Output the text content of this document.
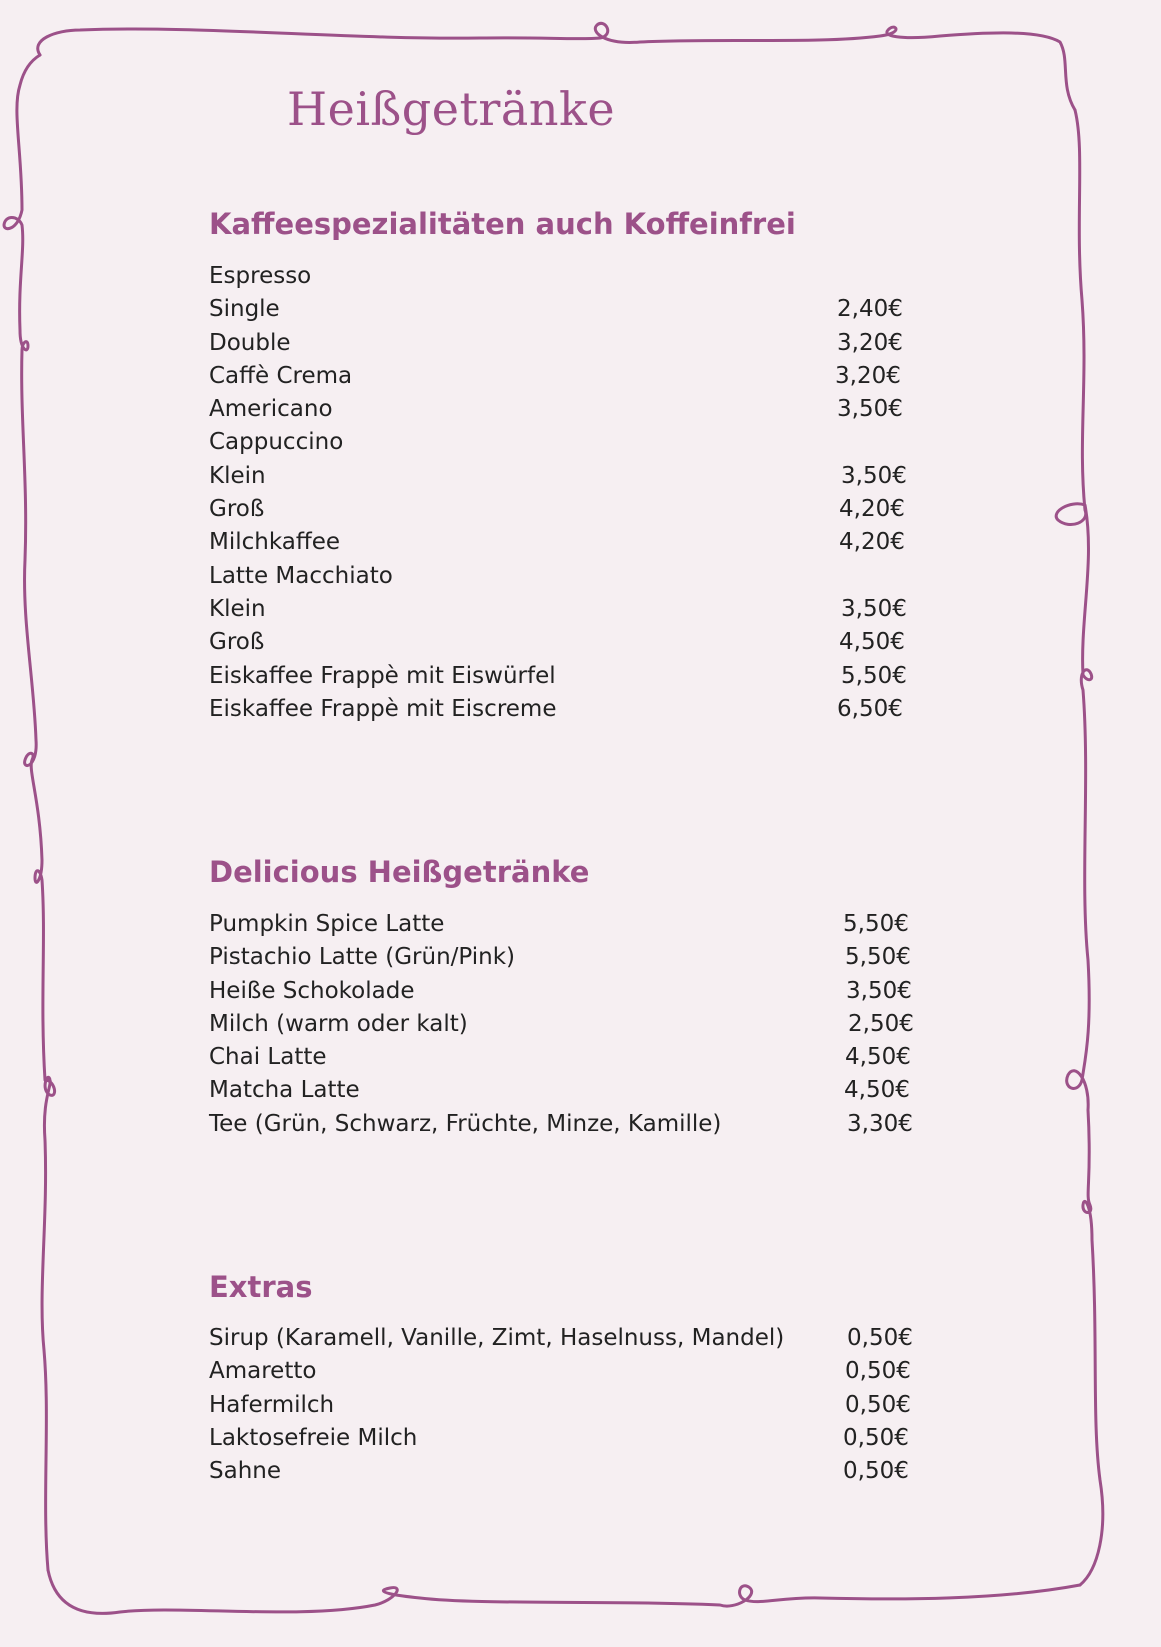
Heißgetränke
Kaffeespezialitäten auch Koffeinfrei
Espresso
Single	2,40€
Double	3,20€
Caffè Crema	3,20€
Americano	3,50€
Cappuccino
Klein	3,50€
Groß	4,20€
Milchkaffee	4,20€
Latte Macchiato
Klein	3,50€
Groß	4,50€
Eiskaffee Frappè mit Eiswürfel	5,50€
Eiskaffee Frappè mit Eiscreme	6,50€
Delicious Heißgetränke
Pumpkin Spice Latte	5,50€
Pistachio Latte (Grün/Pink)	5,50€
Heiße Schokolade	3,50€
Milch (warm oder kalt)	2,50€
Chai Latte	4,50€
Matcha Latte	4,50€
Tee (Grün, Schwarz, Früchte, Minze, Kamille)	3,30€
Extras
Sirup (Karamell, Vanille, Zimt, Haselnuss, Mandel)	0,50€
Amaretto	0,50€
Hafermilch	0,50€
Laktosefreie Milch	0,50€
Sahne	0,50€
